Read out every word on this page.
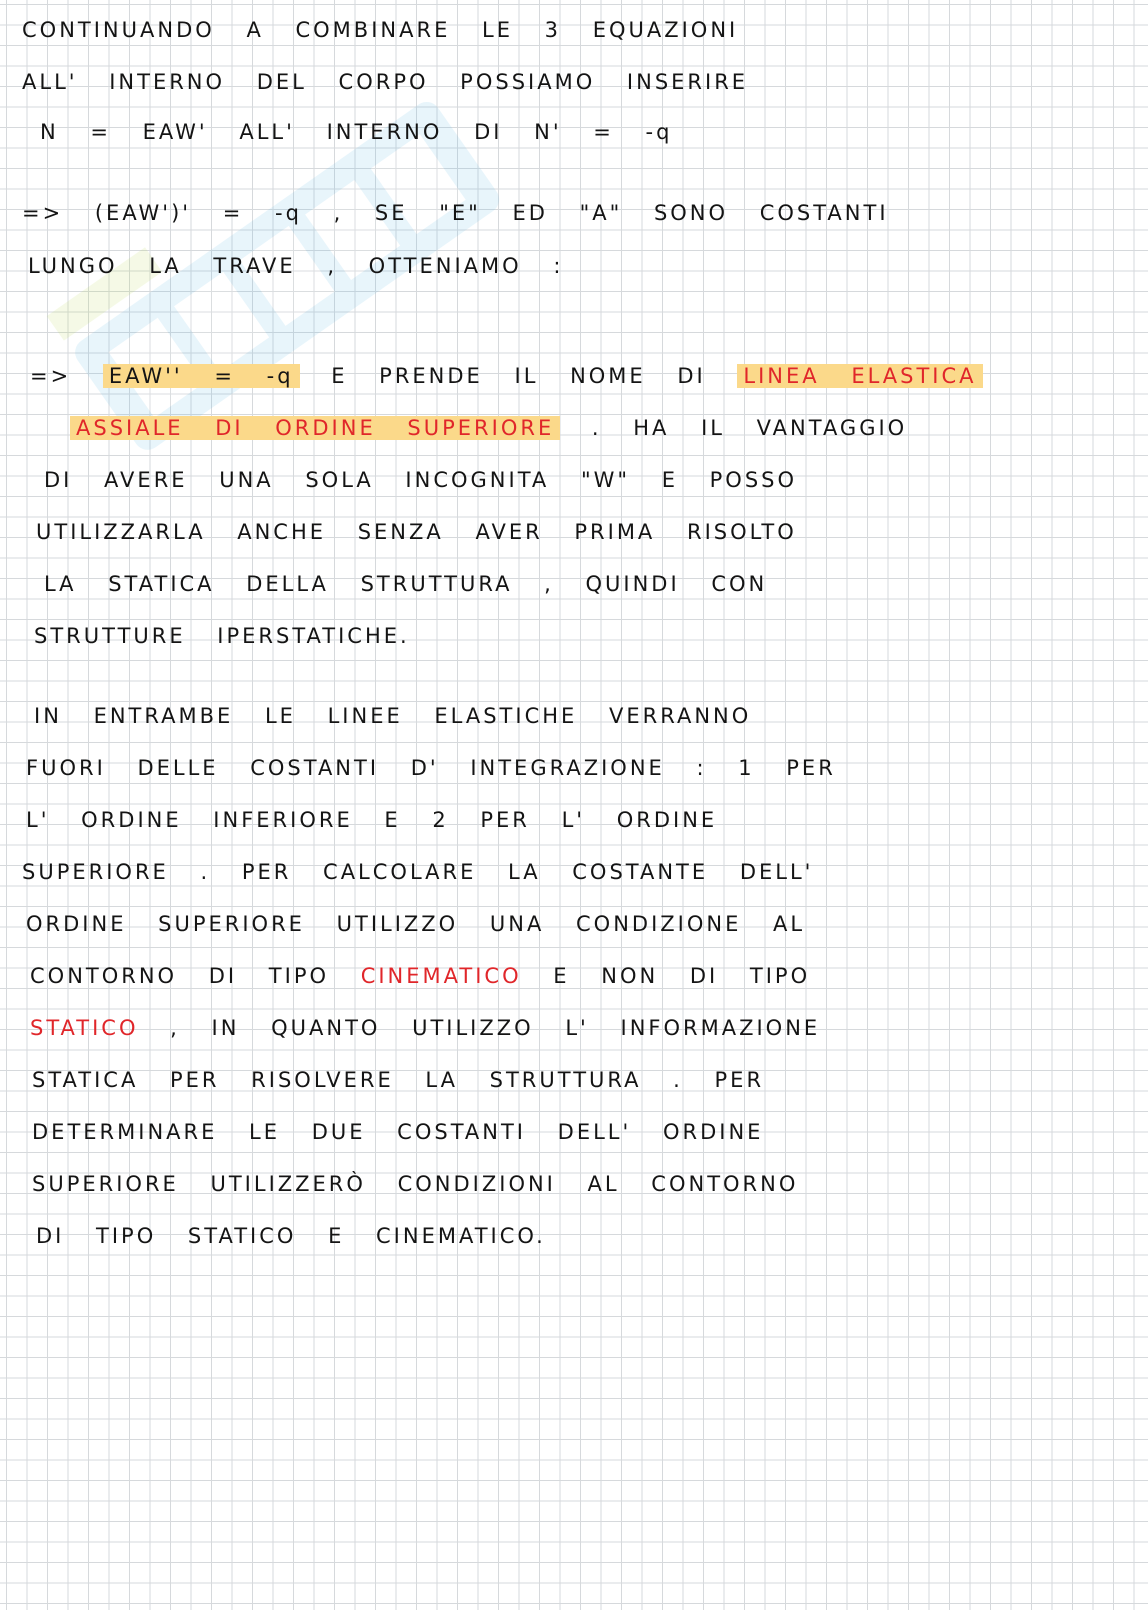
CONTINUANDO A COMBINARE LE 3 EQUAZIONI
ALL' INTERNO DEL CORPO POSSIAMO INSERIRE
N = EAW' ALL' INTERNO DI N' = -q
=> (EAW')' = -q , SE "E" ED "A" SONO COSTANTI
LUNGO LA TRAVE , OTTENIAMO :
=> EAW'' = -q E PRENDE IL NOME DI LINEA ELASTICA
ASSIALE DI ORDINE SUPERIORE . HA IL VANTAGGIO
DI AVERE UNA SOLA INCOGNITA "W" E POSSO
UTILIZZARLA ANCHE SENZA AVER PRIMA RISOLTO
LA STATICA DELLA STRUTTURA , QUINDI CON
STRUTTURE IPERSTATICHE.
IN ENTRAMBE LE LINEE ELASTICHE VERRANNO
FUORI DELLE COSTANTI D' INTEGRAZIONE : 1 PER
L' ORDINE INFERIORE E 2 PER L' ORDINE
SUPERIORE . PER CALCOLARE LA COSTANTE DELL'
ORDINE SUPERIORE UTILIZZO UNA CONDIZIONE AL
CONTORNO DI TIPO CINEMATICO E NON DI TIPO
STATICO , IN QUANTO UTILIZZO L' INFORMAZIONE
STATICA PER RISOLVERE LA STRUTTURA . PER
DETERMINARE LE DUE COSTANTI DELL' ORDINE
SUPERIORE UTILIZZERÒ CONDIZIONI AL CONTORNO
DI TIPO STATICO E CINEMATICO.
